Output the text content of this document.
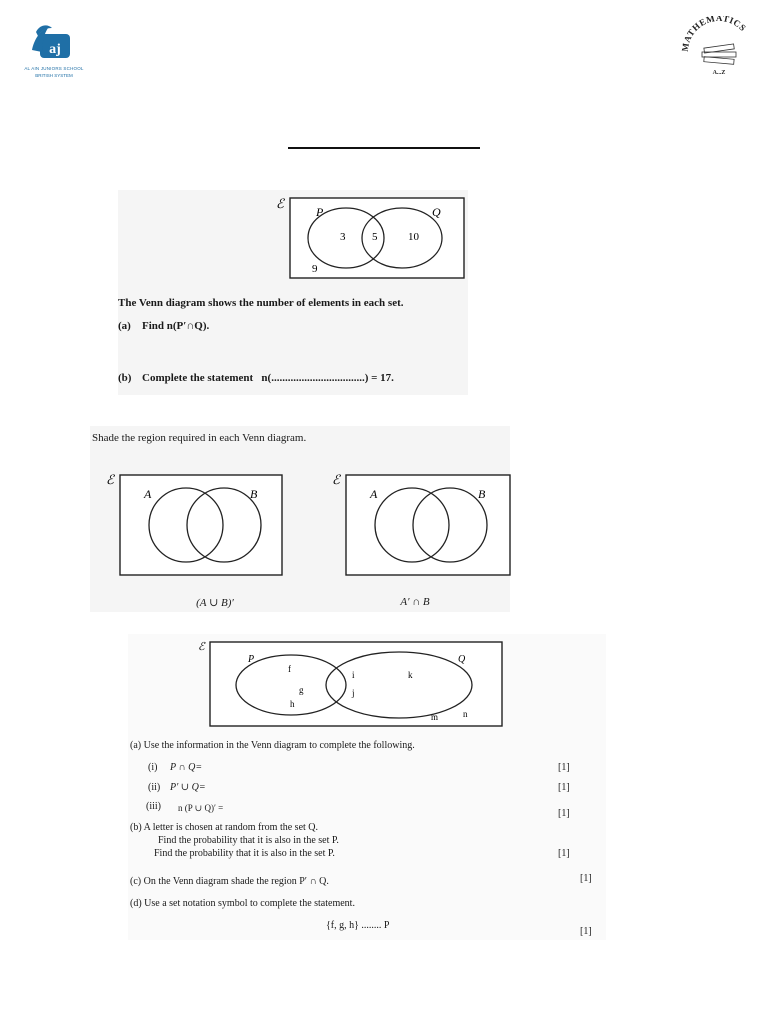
aj
AL AIN JUNIORS SCHOOL
BRITISH SYSTEM
MATHEMATICS
A...Z
ℰ
P	Q
3 5	10
9
The Venn diagram shows the number of elements in each set.
(a) Find n(P′∩Q).
(b) Complete the statement   n(..................................) = 17.
Shade the region required in each Venn diagram.
ℰ
A	B
(A ∪ B)′
ℰ
A	B
A′ ∩ B
ℰ
P	Q
f
g
h
i
j
k
m	n
(a) Use the information in the Venn diagram to complete the following.
(i) P ∩ Q=	[1]
(ii) P′ ∪ Q=	[1]
(iii) n (P ∪ Q)′ =	[1]
(b) A letter is chosen at random from the set Q.
Find the probability that it is also in the set P.
Find the probability that it is also in the set P.	[1]
(c) On the Venn diagram shade the region P′ ∩ Q.	[1]
(d) Use a set notation symbol to complete the statement.
{f, g, h} ........ P
[1]
